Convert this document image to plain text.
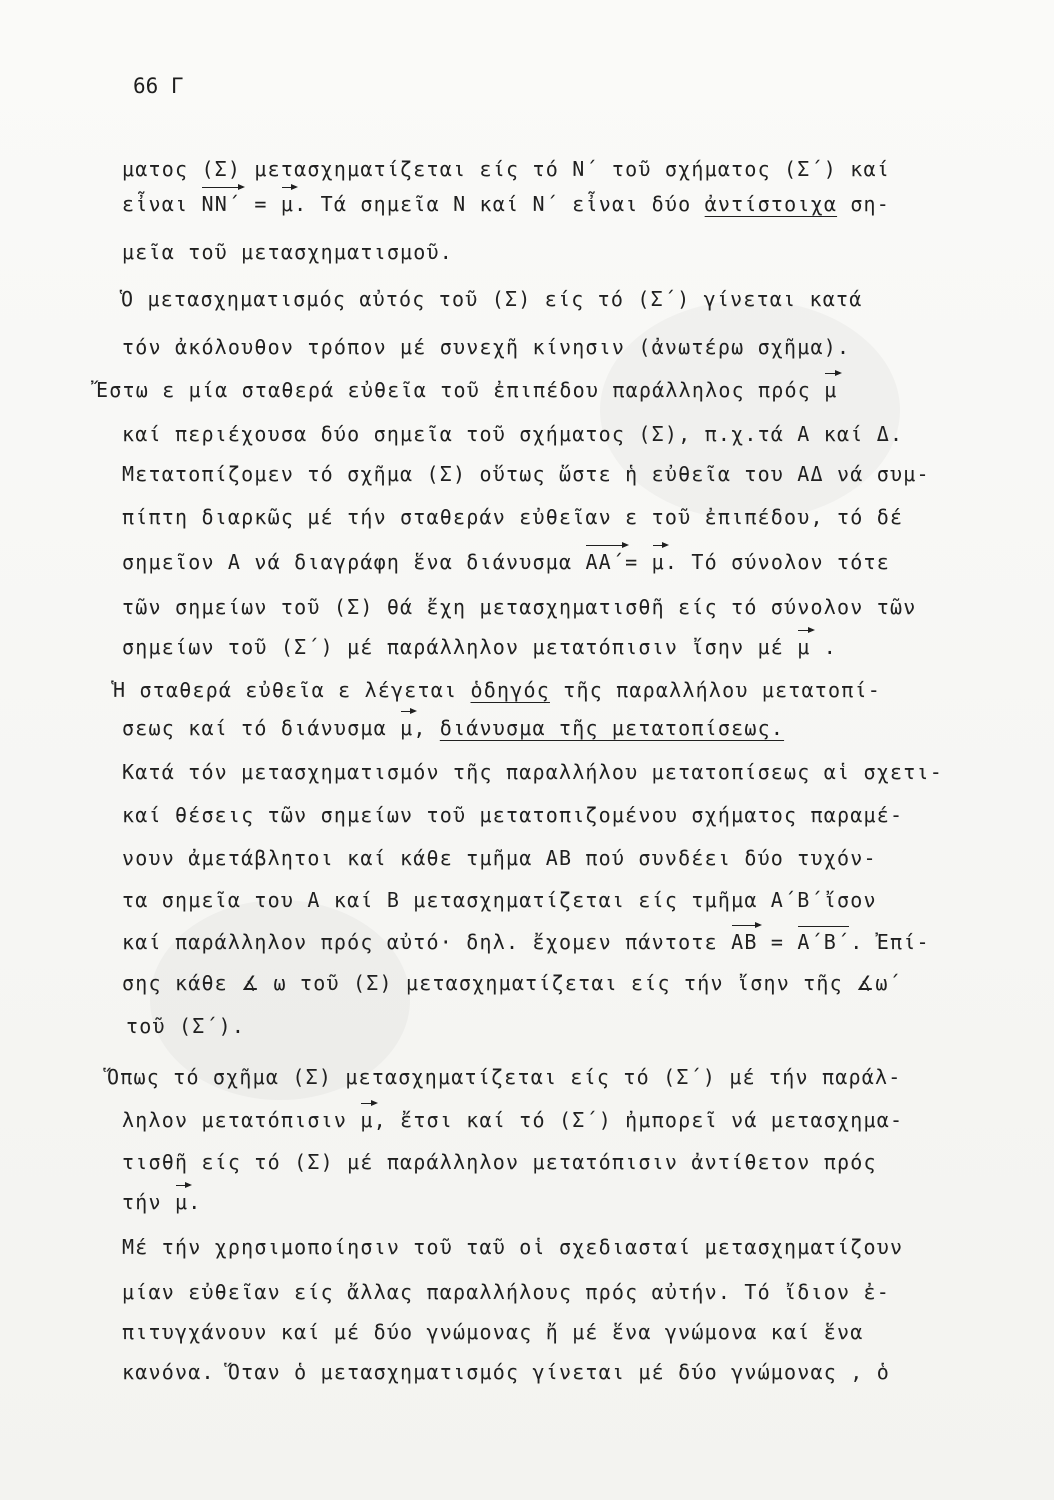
66 Γ
ματος (Σ) μετασχηματίζεται είς τό Ν΄ τοῦ σχήματος (Σ΄) καί
εἶναι ΝΝ΄ = μ. Τά σημεῖα Ν καί Ν΄ εἶναι δύο ἀντίστοιχα ση-
μεῖα τοῦ μετασχηματισμοῦ.
Ὁ μετασχηματισμός αὐτός τοῦ (Σ) είς τό (Σ΄) γίνεται κατά
τόν ἀκόλουθον τρόπον μέ συνεχῆ κίνησιν (ἀνωτέρω σχῆμα).
Ἔστω ε μία σταθερά εὐθεῖα τοῦ ἐπιπέδου παράλληλος πρός μ
καί περιέχουσα δύο σημεῖα τοῦ σχήματος (Σ), π.χ.τά Α καί Δ.
Μετατοπίζομεν τό σχῆμα (Σ) οὕτως ὥστε ἡ εὐθεῖα του ΑΔ νά συμ-
πίπτη διαρκῶς μέ τήν σταθεράν εὐθεῖαν ε τοῦ ἐπιπέδου, τό δέ
σημεῖον Α νά διαγράφη ἕνα διάνυσμα ΑΑ΄= μ. Τό σύνολον τότε
τῶν σημείων τοῦ (Σ) θά ἔχη μετασχηματισθῆ είς τό σύνολον τῶν
σημείων τοῦ (Σ΄) μέ παράλληλον μετατόπισιν ἴσην μέ μ .
Ἡ σταθερά εὐθεῖα ε λέγεται ὁδηγός τῆς παραλλήλου μετατοπί-
σεως καί τό διάνυσμα μ, διάνυσμα τῆς μετατοπίσεως.
Κατά τόν μετασχηματισμόν τῆς παραλλήλου μετατοπίσεως αἱ σχετι-
καί θέσεις τῶν σημείων τοῦ μετατοπιζομένου σχήματος παραμέ-
νουν ἀμετάβλητοι καί κάθε τμῆμα ΑΒ πού συνδέει δύο τυχόν-
τα σημεῖα του Α καί Β μετασχηματίζεται είς τμῆμα Α΄Β΄ἴσον
καί παράλληλον πρός αὐτό· δηλ. ἔχομεν πάντοτε ΑΒ = Α΄Β΄. Ἐπί-
σης κάθε ∡ ω τοῦ (Σ) μετασχηματίζεται είς τήν ἴσην τῆς ∡ω΄
τοῦ (Σ΄).
Ὅπως τό σχῆμα (Σ) μετασχηματίζεται είς τό (Σ΄) μέ τήν παράλ-
ληλον μετατόπισιν μ, ἔτσι καί τό (Σ΄) ἠμπορεῖ νά μετασχημα-
τισθῆ είς τό (Σ) μέ παράλληλον μετατόπισιν ἀντίθετον πρός
τήν μ.
Μέ τήν χρησιμοποίησιν τοῦ ταῦ οἱ σχεδιασταί μετασχηματίζουν
μίαν εὐθεῖαν είς ἄλλας παραλλήλους πρός αὐτήν. Τό ἴδιον ἐ-
πιτυγχάνουν καί μέ δύο γνώμονας ἤ μέ ἕνα γνώμονα καί ἕνα
κανόνα. Ὅταν ὁ μετασχηματισμός γίνεται μέ δύο γνώμονας , ὁ
